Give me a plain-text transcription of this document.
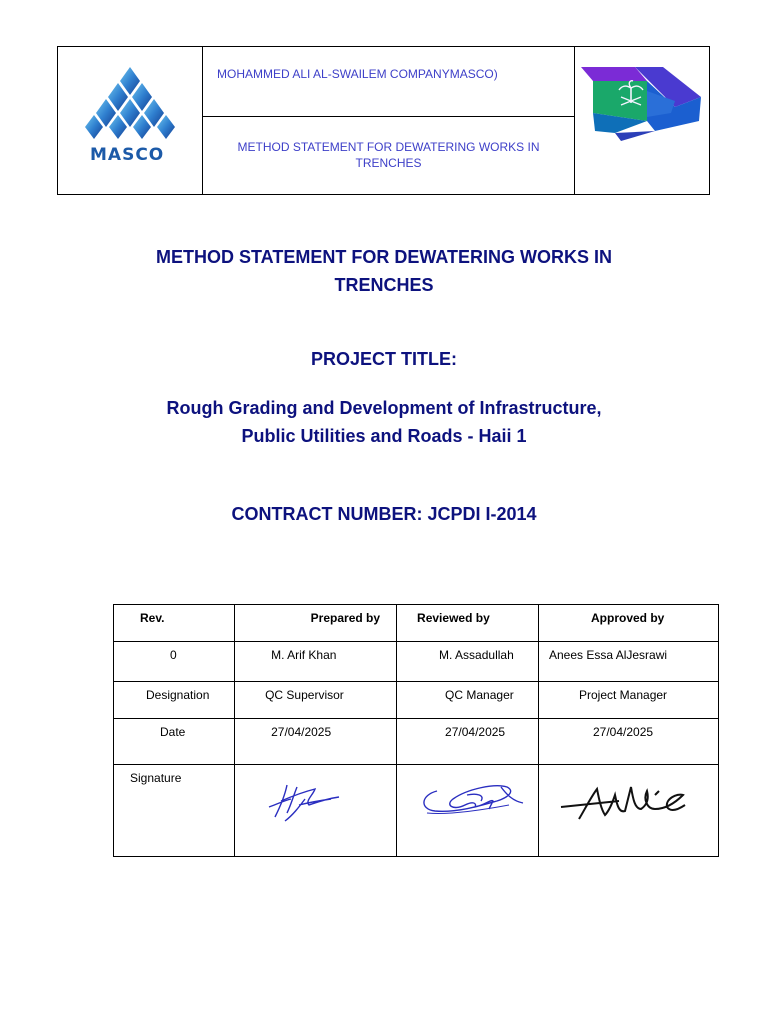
MASCO
MOHAMMED ALI AL-SWAILEM COMPANYMASCO)
METHOD STATEMENT FOR DEWATERING WORKS IN TRENCHES
METHOD STATEMENT FOR DEWATERING WORKS IN TRENCHES
PROJECT TITLE:
Rough Grading and Development of Infrastructure,
Public Utilities and Roads - Haii 1
CONTRACT NUMBER: JCPDI I-2014
Rev.	Prepared by	Reviewed by	Approved by

0	M. Arif Khan	M. Assadullah	Anees Essa AlJesrawi

Designation	QC Supervisor	QC Manager	Project Manager

Date	27/04/2025	27/04/2025	27/04/2025

Signature
